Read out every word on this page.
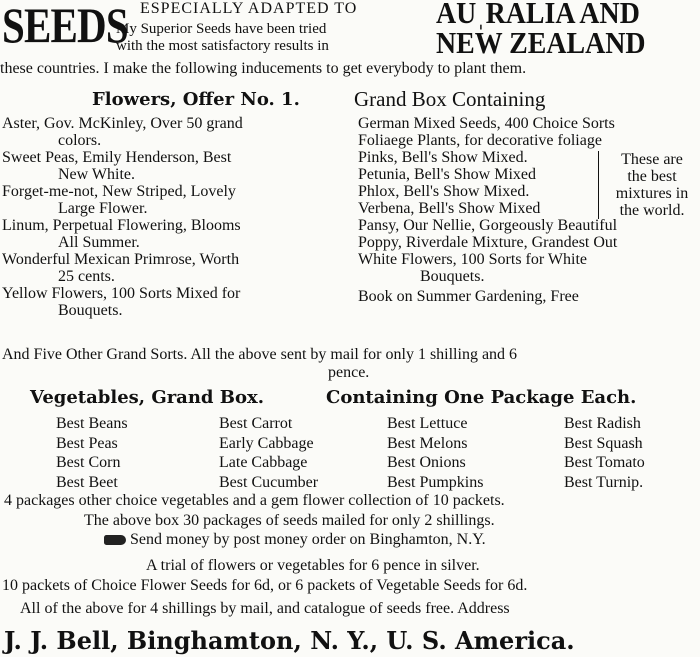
SEEDS ESPECIALLY ADAPTED TO
My Superior Seeds have been tried
with the most satisfactory results in
AUˌRALIA AND
NEW ZEALAND
these countries. I make the following inducements to get everybody to plant them.
Flowers, Offer No. 1.	Grand Box Containing
Aster, Gov. McKinley, Over 50 grand
colors.
Sweet Peas, Emily Henderson, Best
New White.
Forget-me-not, New Striped, Lovely
Large Flower.
Linum, Perpetual Flowering, Blooms
All Summer.
Wonderful Mexican Primrose, Worth
25 cents.
Yellow Flowers, 100 Sorts Mixed for
Bouquets.
German Mixed Seeds, 400 Choice Sorts
Foliaege Plants, for decorative foliage
Pinks, Bell's Show Mixed.
Petunia, Bell's Show Mixed
Phlox, Bell's Show Mixed.
Verbena, Bell's Show Mixed
Pansy, Our Nellie, Gorgeously Beautiful
Poppy, Riverdale Mixture, Grandest Out
White Flowers, 100 Sorts for White
Bouquets.
Book on Summer Gardening, Free
These are
the best
mixtures in
the world.
And Five Other Grand Sorts. All the above sent by mail for only 1 shilling and 6
pence.
Vegetables, Grand Box.	Containing One Package Each.
Best Beans
Best Peas
Best Corn
Best Beet
Best Carrot
Early Cabbage
Late Cabbage
Best Cucumber
Best Lettuce
Best Melons
Best Onions
Best Pumpkins
Best Radish
Best Squash
Best Tomato
Best Turnip.
4 packages other choice vegetables and a gem flower collection of 10 packets.
The above box 30 packages of seeds mailed for only 2 shillings.
Send money by post money order on Binghamton, N.Y.
A trial of flowers or vegetables for 6 pence in silver.
10 packets of Choice Flower Seeds for 6d, or 6 packets of Vegetable Seeds for 6d.
All of the above for 4 shillings by mail, and catalogue of seeds free. Address
J. J. Bell, Binghamton, N. Y., U. S. America.
